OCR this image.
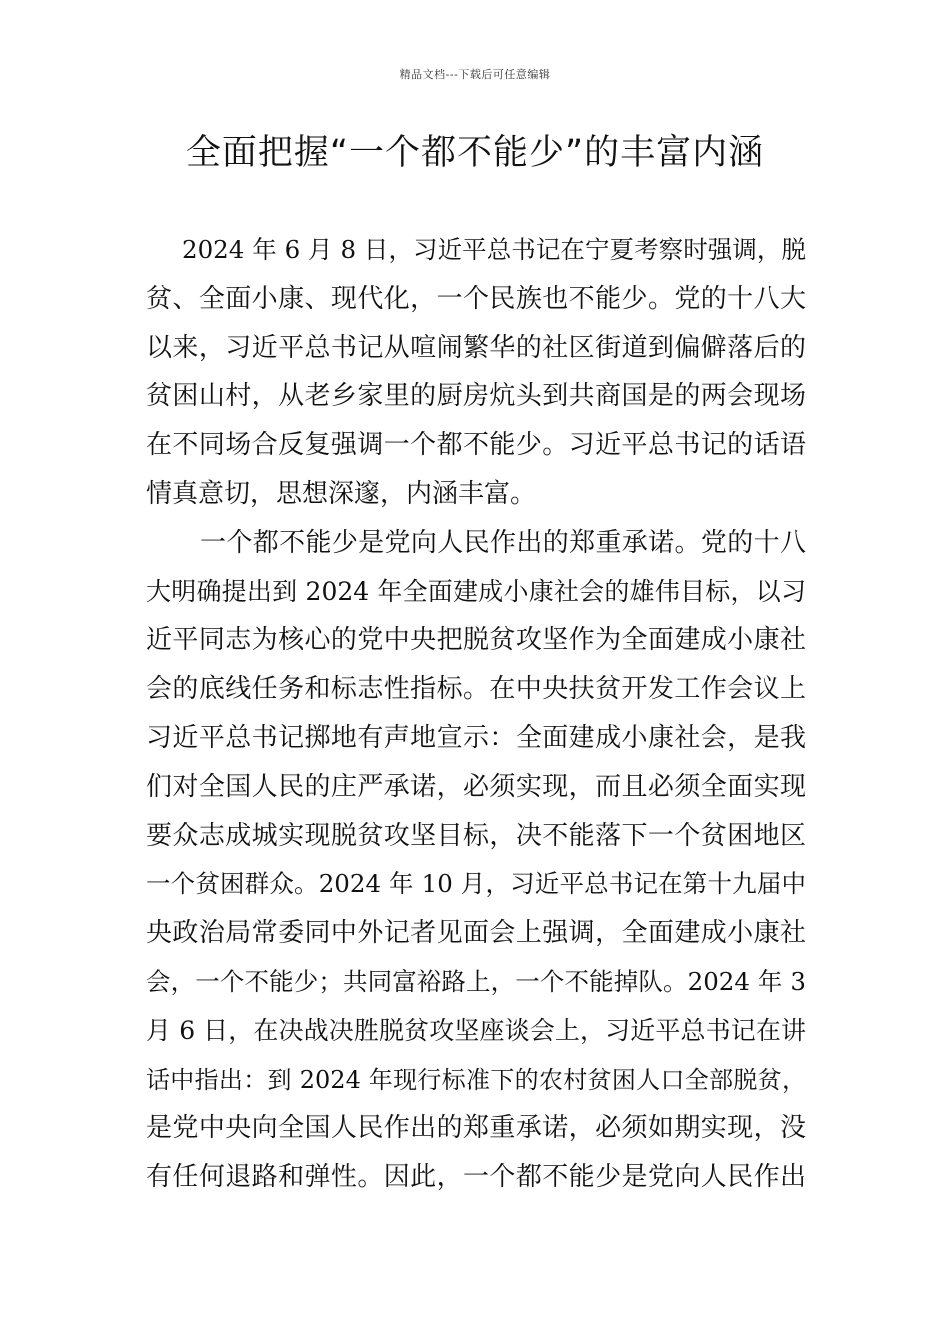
精品文档---下载后可任意编辑
全面把握“一个都不能少”的丰富内涵
2024 年 6 月 8 日，习近平总书记在宁夏考察时强调，脱
贫、全面小康、现代化，一个民族也不能少。党的十八大
以来，习近平总书记从喧闹繁华的社区街道到偏僻落后的
贫困山村，从老乡家里的厨房炕头到共商国是的两会现场
在不同场合反复强调一个都不能少。习近平总书记的话语
情真意切，思想深邃，内涵丰富。
一个都不能少是党向人民作出的郑重承诺。党的十八
大明确提出到 2024 年全面建成小康社会的雄伟目标，以习
近平同志为核心的党中央把脱贫攻坚作为全面建成小康社
会的底线任务和标志性指标。在中央扶贫开发工作会议上
习近平总书记掷地有声地宣示：全面建成小康社会，是我
们对全国人民的庄严承诺，必须实现，而且必须全面实现
要众志成城实现脱贫攻坚目标，决不能落下一个贫困地区
一个贫困群众。2024 年 10 月，习近平总书记在第十九届中
央政治局常委同中外记者见面会上强调，全面建成小康社
会，一个不能少；共同富裕路上，一个不能掉队。2024 年 3
月 6 日，在决战决胜脱贫攻坚座谈会上，习近平总书记在讲
话中指出：到 2024 年现行标准下的农村贫困人口全部脱贫，
是党中央向全国人民作出的郑重承诺，必须如期实现，没
有任何退路和弹性。因此，一个都不能少是党向人民作出
